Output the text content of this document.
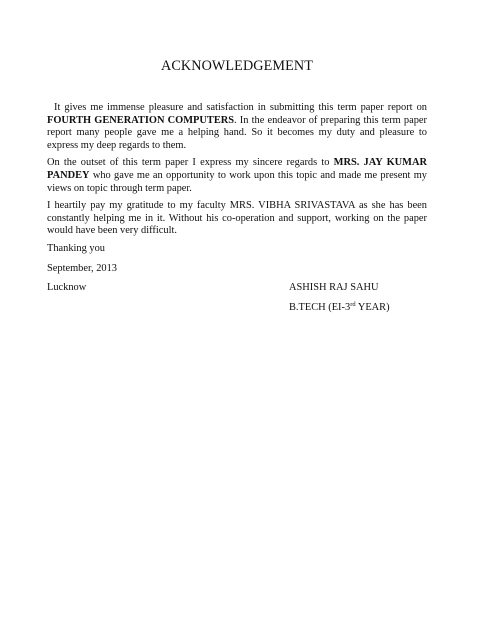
ACKNOWLEDGEMENT

It gives me immense pleasure and satisfaction in submitting this term paper report on FOURTH GENERATION COMPUTERS. In the endeavor of preparing this term paper report many people gave me a helping hand. So it becomes my duty and pleasure to express my deep regards to them.

On the outset of this term paper I express my sincere regards to MRS. JAY KUMAR PANDEY who gave me an opportunity to work upon this topic and made me present my views on topic through term paper.

I heartily pay my gratitude to my faculty MRS. VIBHA SRIVASTAVA as she has been constantly helping me in it. Without his co-operation and support, working on the paper would have been very difficult.

Thanking you

September, 2013

Lucknow	ASHISH RAJ SAHU
B.TECH (EI-3rd YEAR)
